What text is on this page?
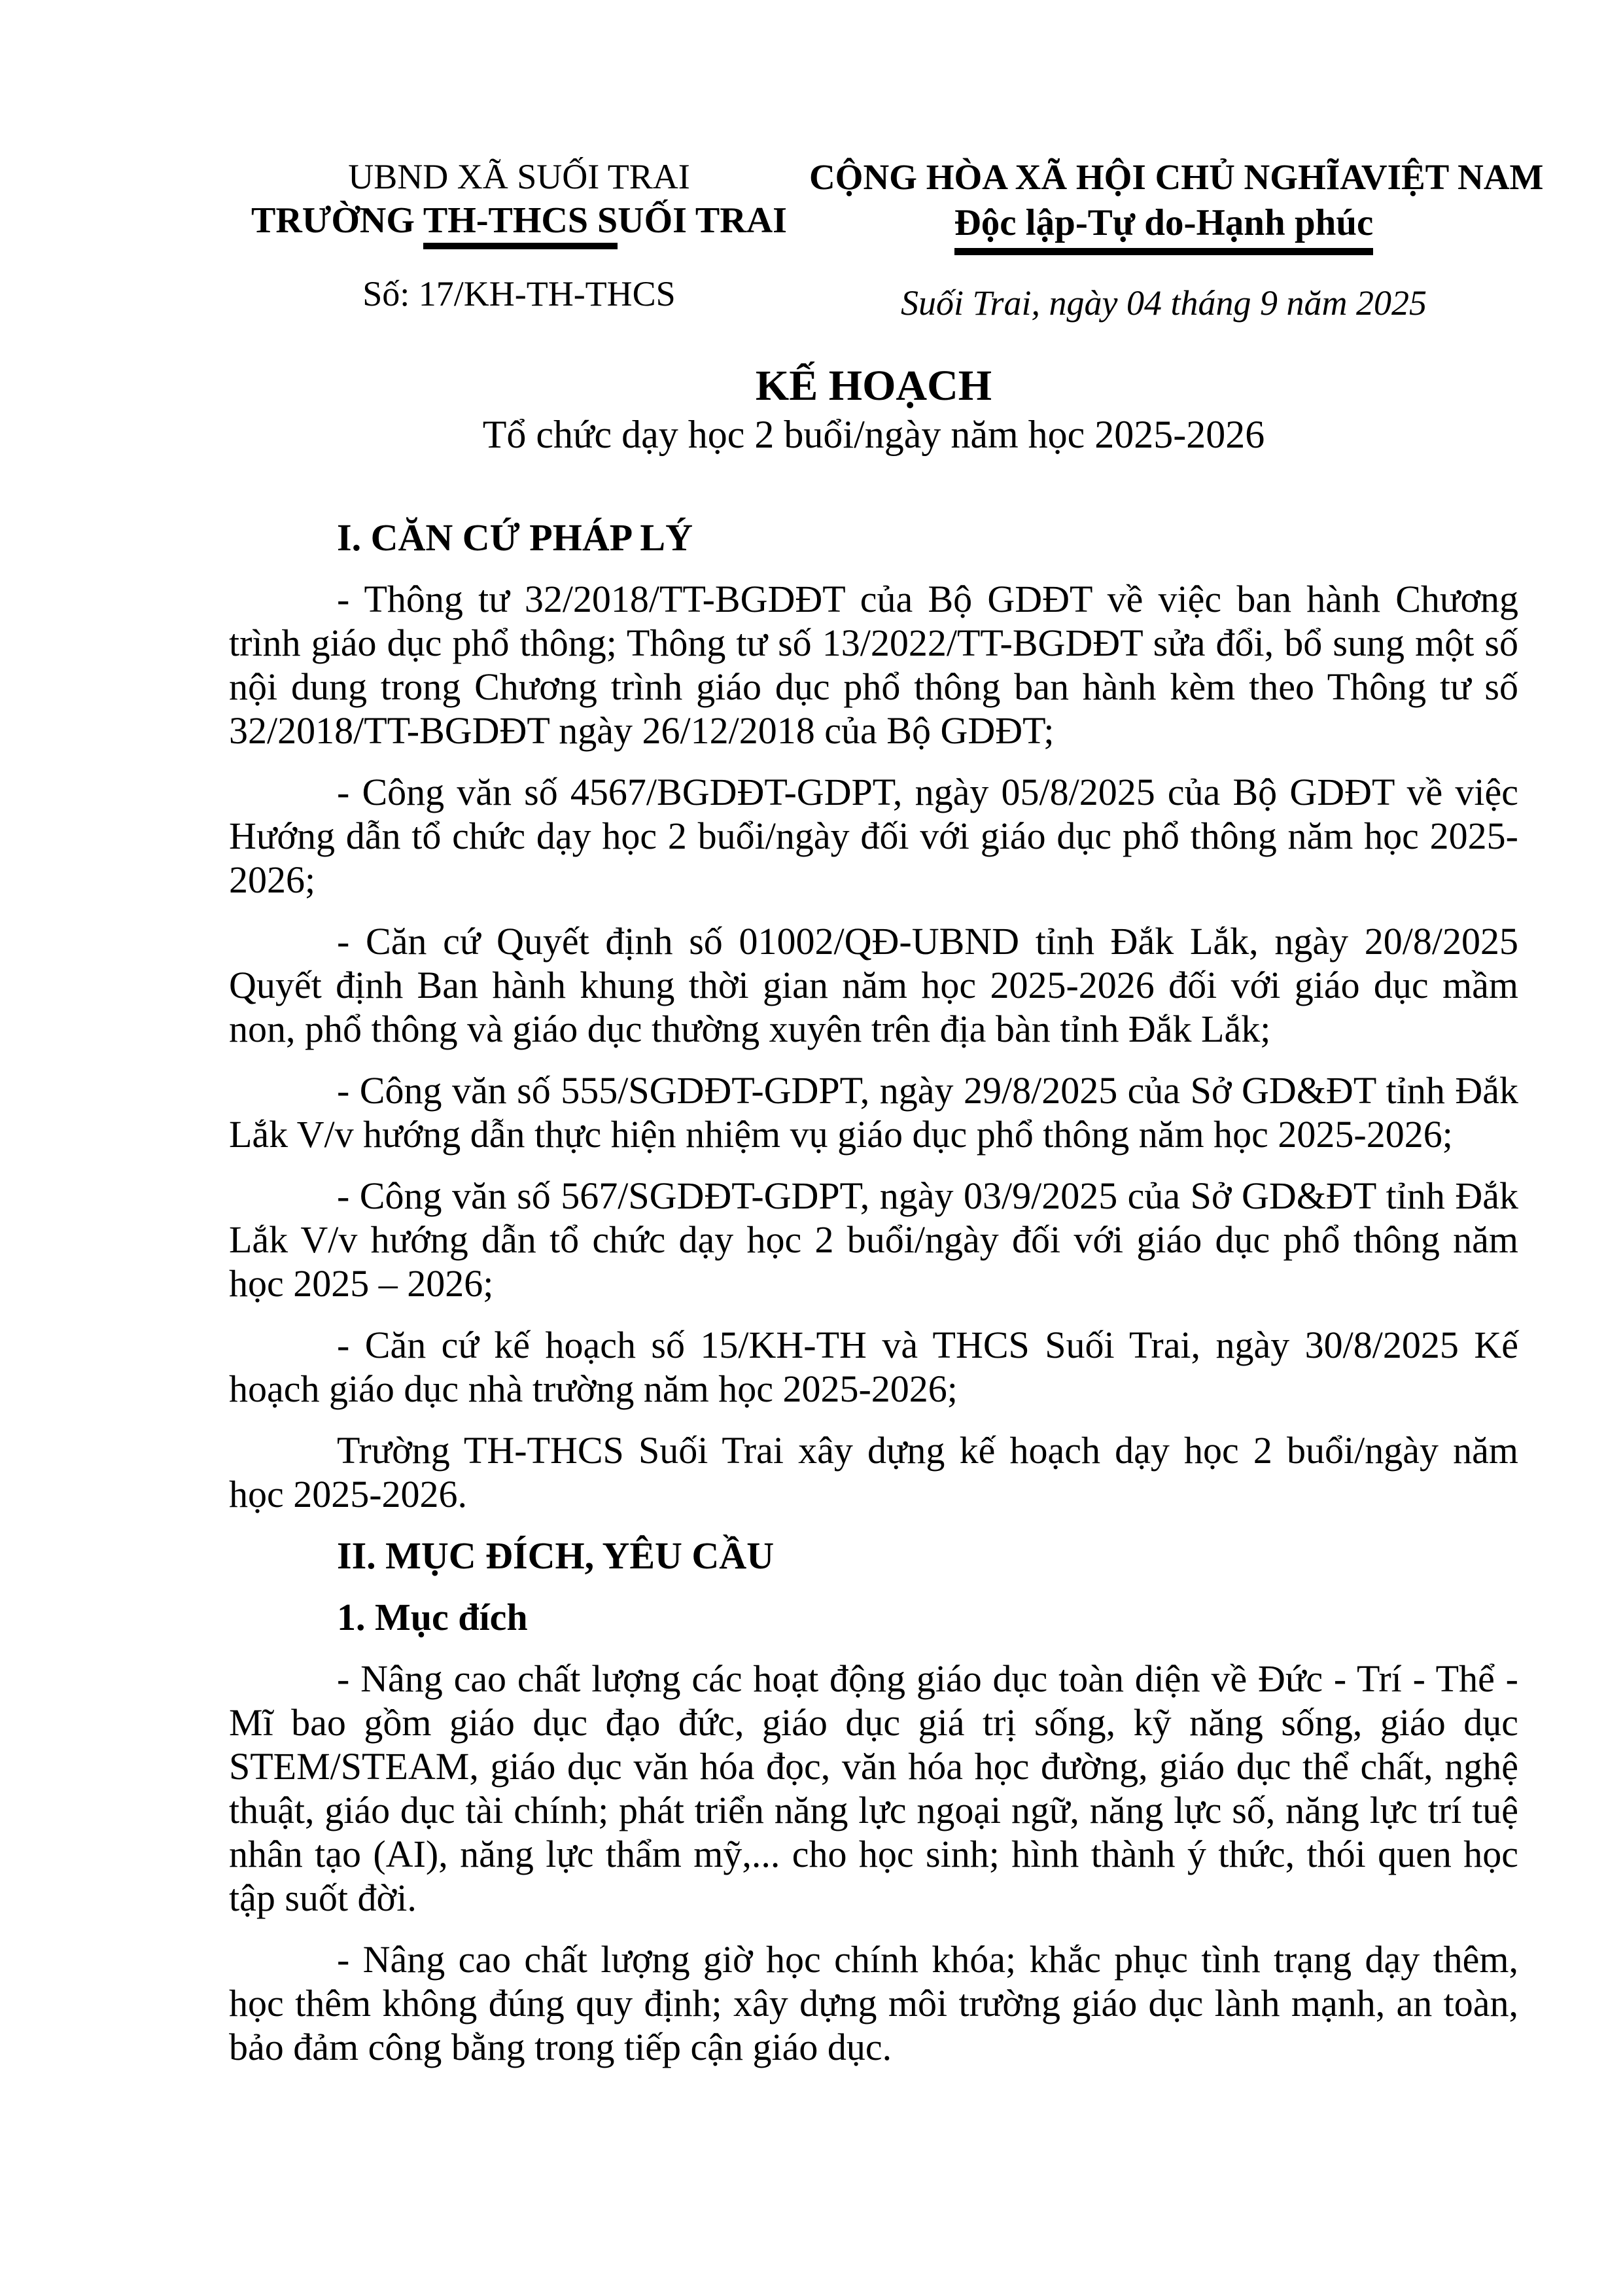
UBND XÃ SUỐI TRAI
TRƯỜNG TH-THCS SUỐI TRAI
Số: 17/KH-TH-THCS
CỘNG HÒA XÃ HỘI CHỦ NGHĨAVIỆT NAM
Độc lập-Tự do-Hạnh phúc
Suối Trai, ngày 04 tháng 9 năm 2025
KẾ HOẠCH
Tổ chức dạy học 2 buổi/ngày năm học 2025-2026
I. CĂN CỨ PHÁP LÝ

- Thông tư 32/2018/TT-BGDĐT của Bộ GDĐT về việc ban hành Chương trình giáo dục phổ thông; Thông tư số 13/2022/TT-BGDĐT sửa đổi, bổ sung một số nội dung trong Chương trình giáo dục phổ thông ban hành kèm theo Thông tư số 32/2018/TT-BGDĐT ngày 26/12/2018 của Bộ GDĐT;

- Công văn số 4567/BGDĐT-GDPT, ngày 05/8/2025 của Bộ GDĐT về việc Hướng dẫn tổ chức dạy học 2 buổi/ngày đối với giáo dục phổ thông năm học 2025-2026;

- Căn cứ Quyết định số 01002/QĐ-UBND tỉnh Đắk Lắk, ngày 20/8/2025 Quyết định Ban hành khung thời gian năm học 2025-2026 đối với giáo dục mầm non, phổ thông và giáo dục thường xuyên trên địa bàn tỉnh Đắk Lắk;

- Công văn số 555/SGDĐT-GDPT, ngày 29/8/2025 của Sở GD&ĐT tỉnh Đắk Lắk V/v hướng dẫn thực hiện nhiệm vụ giáo dục phổ thông năm học 2025-2026;

- Công văn số 567/SGDĐT-GDPT, ngày 03/9/2025 của Sở GD&ĐT tỉnh Đắk Lắk V/v hướng dẫn tổ chức dạy học 2 buổi/ngày đối với giáo dục phổ thông năm học 2025 – 2026;

- Căn cứ kế hoạch số 15/KH-TH và THCS Suối Trai, ngày 30/8/2025 Kế hoạch giáo dục nhà trường năm học 2025-2026;

Trường TH-THCS Suối Trai xây dựng kế hoạch dạy học 2 buổi/ngày năm học 2025-2026.

II. MỤC ĐÍCH, YÊU CẦU
1. Mục đích

- Nâng cao chất lượng các hoạt động giáo dục toàn diện về Đức - Trí - Thể - Mĩ bao gồm giáo dục đạo đức, giáo dục giá trị sống, kỹ năng sống, giáo dục STEM/STEAM, giáo dục văn hóa đọc, văn hóa học đường, giáo dục thể chất, nghệ thuật, giáo dục tài chính; phát triển năng lực ngoại ngữ, năng lực số, năng lực trí tuệ nhân tạo (AI), năng lực thẩm mỹ,... cho học sinh; hình thành ý thức, thói quen học tập suốt đời.

- Nâng cao chất lượng giờ học chính khóa; khắc phục tình trạng dạy thêm, học thêm không đúng quy định; xây dựng môi trường giáo dục lành mạnh, an toàn, bảo đảm công bằng trong tiếp cận giáo dục.
